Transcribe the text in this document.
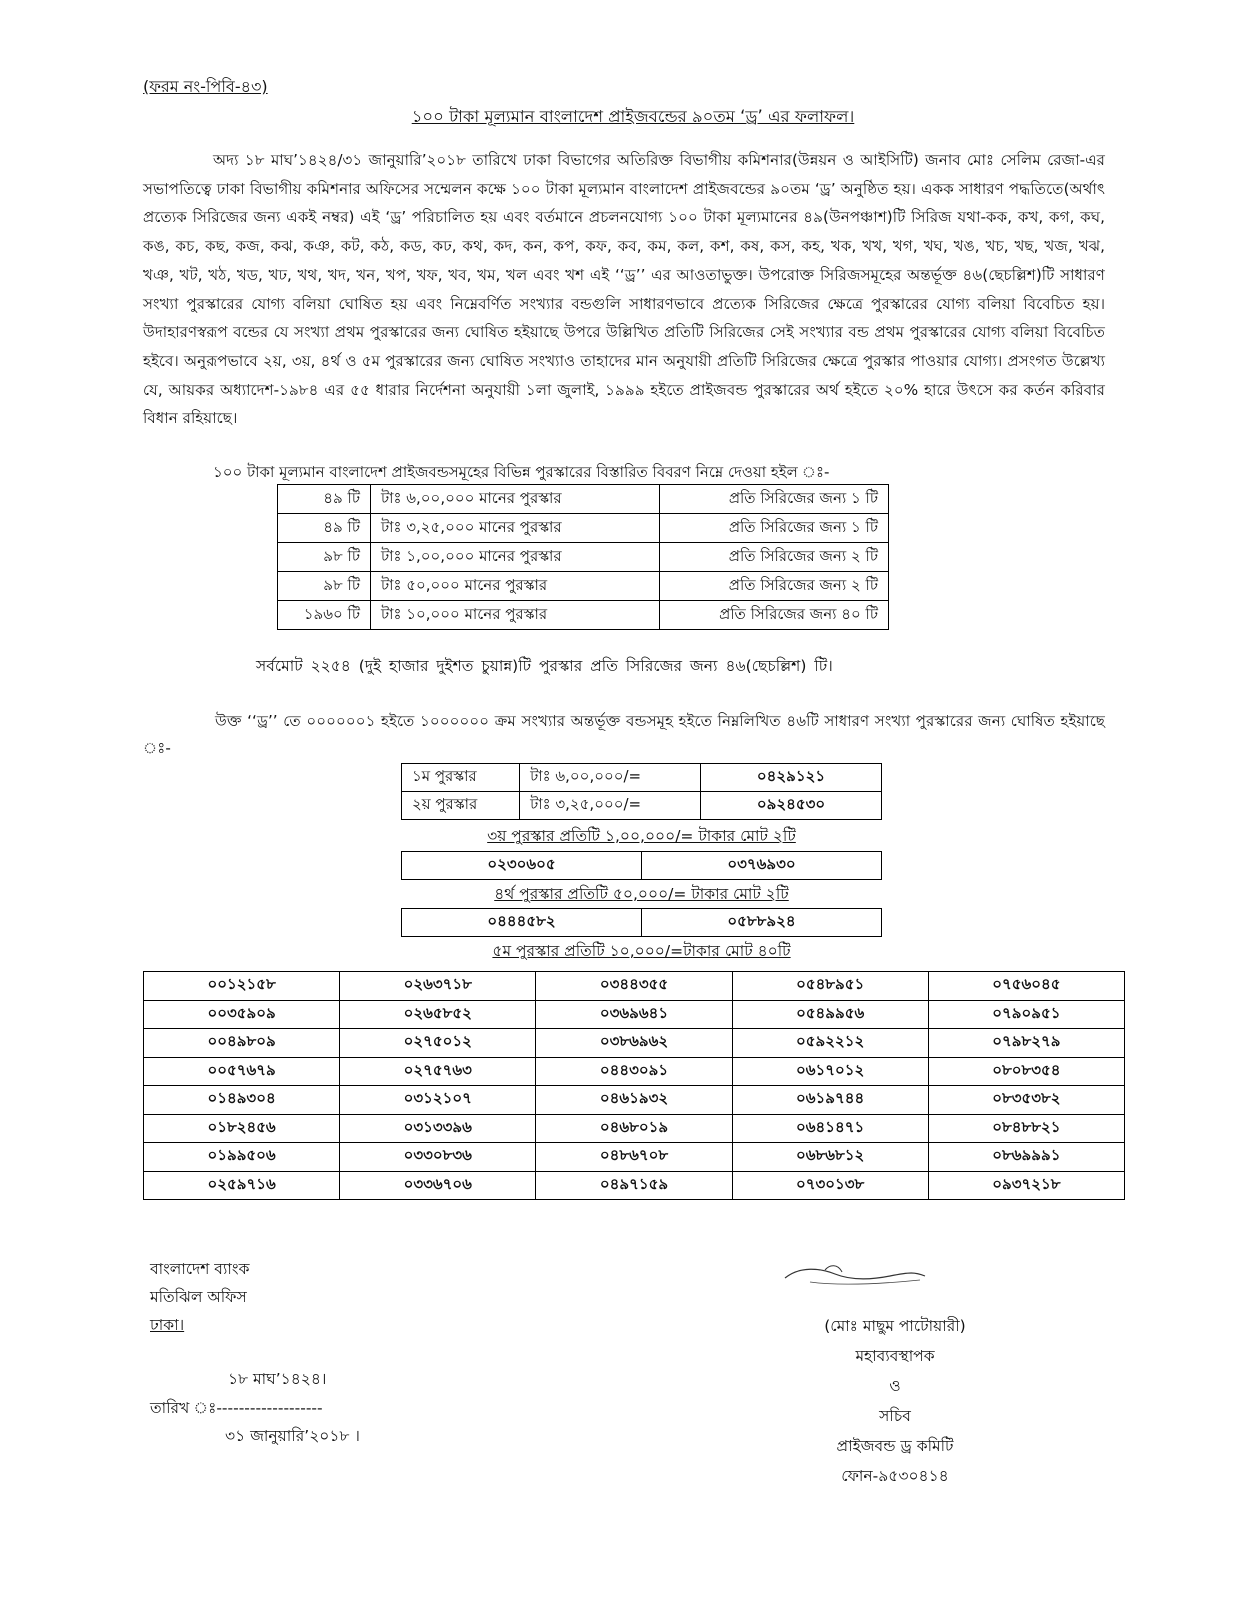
(ফরম নং-পিবি-৪৩)
১০০ টাকা মূল্যমান বাংলাদেশ প্রাইজবন্ডের ৯০তম ‘ড্র’ এর ফলাফল।
অদ্য ১৮ মাঘ’১৪২৪/৩১ জানুয়ারি’২০১৮ তারিখে ঢাকা বিভাগের অতিরিক্ত বিভাগীয় কমিশনার(উন্নয়ন ও আইসিটি) জনাব মোঃ সেলিম রেজা-এর সভাপতিত্বে ঢাকা বিভাগীয় কমিশনার অফিসের সম্মেলন কক্ষে ১০০ টাকা মূল্যমান বাংলাদেশ প্রাইজবন্ডের ৯০তম ‘ড্র’ অনুষ্ঠিত হয়। একক সাধারণ পদ্ধতিতে(অর্থাৎ প্রত্যেক সিরিজের জন্য একই নম্বর) এই ‘ড্র’ পরিচালিত হয় এবং বর্তমানে প্রচলনযোগ্য ১০০ টাকা মূল্যমানের ৪৯(উনপঞ্চাশ)টি সিরিজ যথা-কক, কখ, কগ, কঘ, কঙ, কচ, কছ, কজ, কঝ, কঞ, কট, কঠ, কড, কঢ, কথ, কদ, কন, কপ, কফ, কব, কম, কল, কশ, কষ, কস, কহ, খক, খখ, খগ, খঘ, খঙ, খচ, খছ, খজ, খঝ, খঞ, খট, খঠ, খড, খঢ, খথ, খদ, খন, খপ, খফ, খব, খম, খল এবং খশ এই ‘‘ড্র’’ এর আওতাভুক্ত। উপরোক্ত সিরিজসমূহের অন্তর্ভূক্ত ৪৬(ছেচল্লিশ)টি সাধারণ সংখ্যা পুরস্কারের যোগ্য বলিয়া ঘোষিত হয় এবং নিম্নেবর্ণিত সংখ্যার বন্ডগুলি সাধারণভাবে প্রত্যেক সিরিজের ক্ষেত্রে পুরস্কারের যোগ্য বলিয়া বিবেচিত হয়। উদাহারণস্বরূপ বন্ডের যে সংখ্যা প্রথম পুরস্কারের জন্য ঘোষিত হইয়াছে উপরে উল্লিখিত প্রতিটি সিরিজের সেই সংখ্যার বন্ড প্রথম পুরস্কারের যোগ্য বলিয়া বিবেচিত হইবে। অনুরূপভাবে ২য়, ৩য়, ৪র্থ ও ৫ম পুরস্কারের জন্য ঘোষিত সংখ্যাও তাহাদের মান অনুযায়ী প্রতিটি সিরিজের ক্ষেত্রে পুরস্কার পাওয়ার যোগ্য। প্রসংগত উল্লেখ্য যে, আয়কর অধ্যাদেশ-১৯৮৪ এর ৫৫ ধারার নির্দেশনা অনুযায়ী ১লা জুলাই, ১৯৯৯ হইতে প্রাইজবন্ড পুরস্কারের অর্থ হইতে ২০% হারে উৎসে কর কর্তন করিবার বিধান রহিয়াছে।
১০০ টাকা মূল্যমান বাংলাদেশ প্রাইজবন্ডসমূহের বিভিন্ন পুরস্কারের বিস্তারিত বিবরণ নিম্নে দেওয়া হইল ঃ-
৪৯ টি	টাঃ ৬,০০,০০০ মানের পুরস্কার	প্রতি সিরিজের জন্য ১ টি
৪৯ টি	টাঃ ৩,২৫,০০০ মানের পুরস্কার	প্রতি সিরিজের জন্য ১ টি
৯৮ টি	টাঃ ১,০০,০০০ মানের পুরস্কার	প্রতি সিরিজের জন্য ২ টি
৯৮ টি	টাঃ ৫০,০০০ মানের পুরস্কার	প্রতি সিরিজের জন্য ২ টি
১৯৬০ টি	টাঃ ১০,০০০ মানের পুরস্কার	প্রতি সিরিজের জন্য ৪০ টি
সর্বমোট ২২৫৪ (দুই হাজার দুইশত চুয়ান্ন)টি পুরস্কার প্রতি সিরিজের জন্য ৪৬(ছেচল্লিশ) টি।
উক্ত ‘‘ড্র’’ তে ০০০০০০১ হইতে ১০০০০০০ ক্রম সংখ্যার অন্তর্ভূক্ত বন্ডসমূহ হইতে নিম্নলিখিত ৪৬টি সাধারণ সংখ্যা পুরস্কারের জন্য ঘোষিত হইয়াছে ঃ-
১ম পুরস্কার	টাঃ ৬,০০,০০০/=	০৪২৯১২১
২য় পুরস্কার	টাঃ ৩,২৫,০০০/=	০৯২৪৫৩০
৩য় পুরস্কার প্রতিটি ১,০০,০০০/= টাকার মোট ২টি
০২৩০৬০৫	০৩৭৬৯৩০
৪র্থ পুরস্কার প্রতিটি ৫০,০০০/= টাকার মোট ২টি
০৪৪৪৫৮২	০৫৮৮৯২৪
৫ম পুরস্কার প্রতিটি ১০,০০০/=টাকার মোট ৪০টি
০০১২১৫৮	০২৬৩৭১৮	০৩৪৪৩৫৫	০৫৪৮৯৫১	০৭৫৬০৪৫
০০৩৫৯০৯	০২৬৫৮৫২	০৩৬৯৬৪১	০৫৪৯৯৫৬	০৭৯০৯৫১
০০৪৯৮০৯	০২৭৫০১২	০৩৮৬৯৬২	০৫৯২২১২	০৭৯৮২৭৯
০০৫৭৬৭৯	০২৭৫৭৬৩	০৪৪৩০৯১	০৬১৭০১২	০৮০৮৩৫৪
০১৪৯৩০৪	০৩১২১০৭	০৪৬১৯৩২	০৬১৯৭৪৪	০৮৩৫৩৮২
০১৮২৪৫৬	০৩১৩৩৯৬	০৪৬৮০১৯	০৬৪১৪৭১	০৮৪৮৮২১
০১৯৯৫০৬	০৩৩০৮৩৬	০৪৮৬৭০৮	০৬৮৬৮১২	০৮৬৯৯৯১
০২৫৯৭১৬	০৩৩৬৭০৬	০৪৯৭১৫৯	০৭৩০১৩৮	০৯৩৭২১৮
বাংলাদেশ ব্যাংক
মতিঝিল অফিস
ঢাকা।
১৮ মাঘ’১৪২৪।
তারিখ ঃ-------------------
৩১ জানুয়ারি’২০১৮ ।
(মোঃ মাছুম পাটোয়ারী)
মহাব্যবস্থাপক
ও
সচিব
প্রাইজবন্ড ড্র কমিটি
ফোন-৯৫৩০৪১৪
